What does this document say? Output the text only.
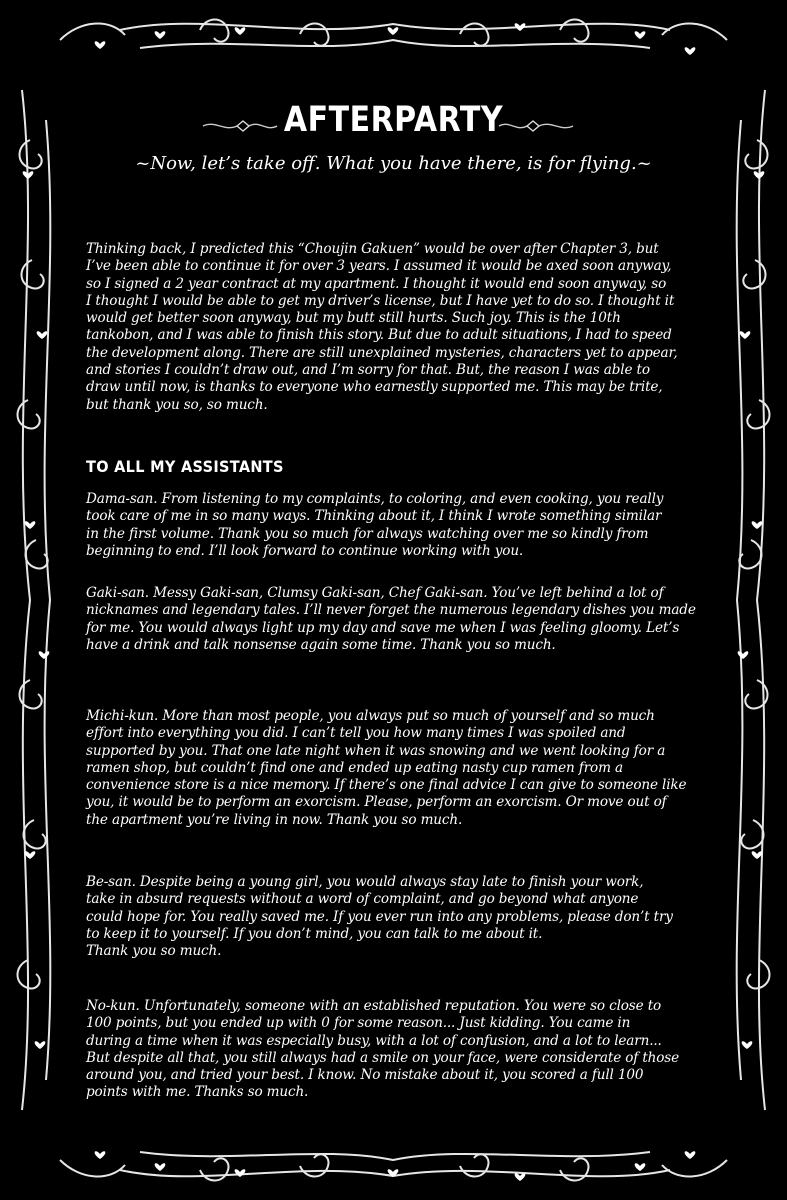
AFTERPARTY
~Now, let’s take off. What you have there, is for flying.~

Thinking back, I predicted this “Choujin Gakuen” would be over after Chapter 3, but
I’ve been able to continue it for over 3 years. I assumed it would be axed soon anyway,
so I signed a 2 year contract at my apartment. I thought it would end soon anyway, so
I thought I would be able to get my driver’s license, but I have yet to do so. I thought it
would get better soon anyway, but my butt still hurts. Such joy. This is the 10th
tankobon, and I was able to finish this story. But due to adult situations, I had to speed
the development along. There are still unexplained mysteries, characters yet to appear,
and stories I couldn’t draw out, and I’m sorry for that. But, the reason I was able to
draw until now, is thanks to everyone who earnestly supported me. This may be trite,
but thank you so, so much.

TO ALL MY ASSISTANTS

Dama-san. From listening to my complaints, to coloring, and even cooking, you really
took care of me in so many ways. Thinking about it, I think I wrote something similar
in the first volume. Thank you so much for always watching over me so kindly from
beginning to end. I’ll look forward to continue working with you.

Gaki-san. Messy Gaki-san, Clumsy Gaki-san, Chef Gaki-san. You’ve left behind a lot of
nicknames and legendary tales. I’ll never forget the numerous legendary dishes you made
for me. You would always light up my day and save me when I was feeling gloomy. Let’s
have a drink and talk nonsense again some time. Thank you so much.

Michi-kun. More than most people, you always put so much of yourself and so much
effort into everything you did. I can’t tell you how many times I was spoiled and
supported by you. That one late night when it was snowing and we went looking for a
ramen shop, but couldn’t find one and ended up eating nasty cup ramen from a
convenience store is a nice memory. If there’s one final advice I can give to someone like
you, it would be to perform an exorcism. Please, perform an exorcism. Or move out of
the apartment you’re living in now. Thank you so much.

Be-san. Despite being a young girl, you would always stay late to finish your work,
take in absurd requests without a word of complaint, and go beyond what anyone
could hope for. You really saved me. If you ever run into any problems, please don’t try
to keep it to yourself. If you don’t mind, you can talk to me about it.
Thank you so much.

No-kun. Unfortunately, someone with an established reputation. You were so close to
100 points, but you ended up with 0 for some reason... Just kidding. You came in
during a time when it was especially busy, with a lot of confusion, and a lot to learn...
But despite all that, you still always had a smile on your face, were considerate of those
around you, and tried your best. I know. No mistake about it, you scored a full 100
points with me. Thanks so much.
